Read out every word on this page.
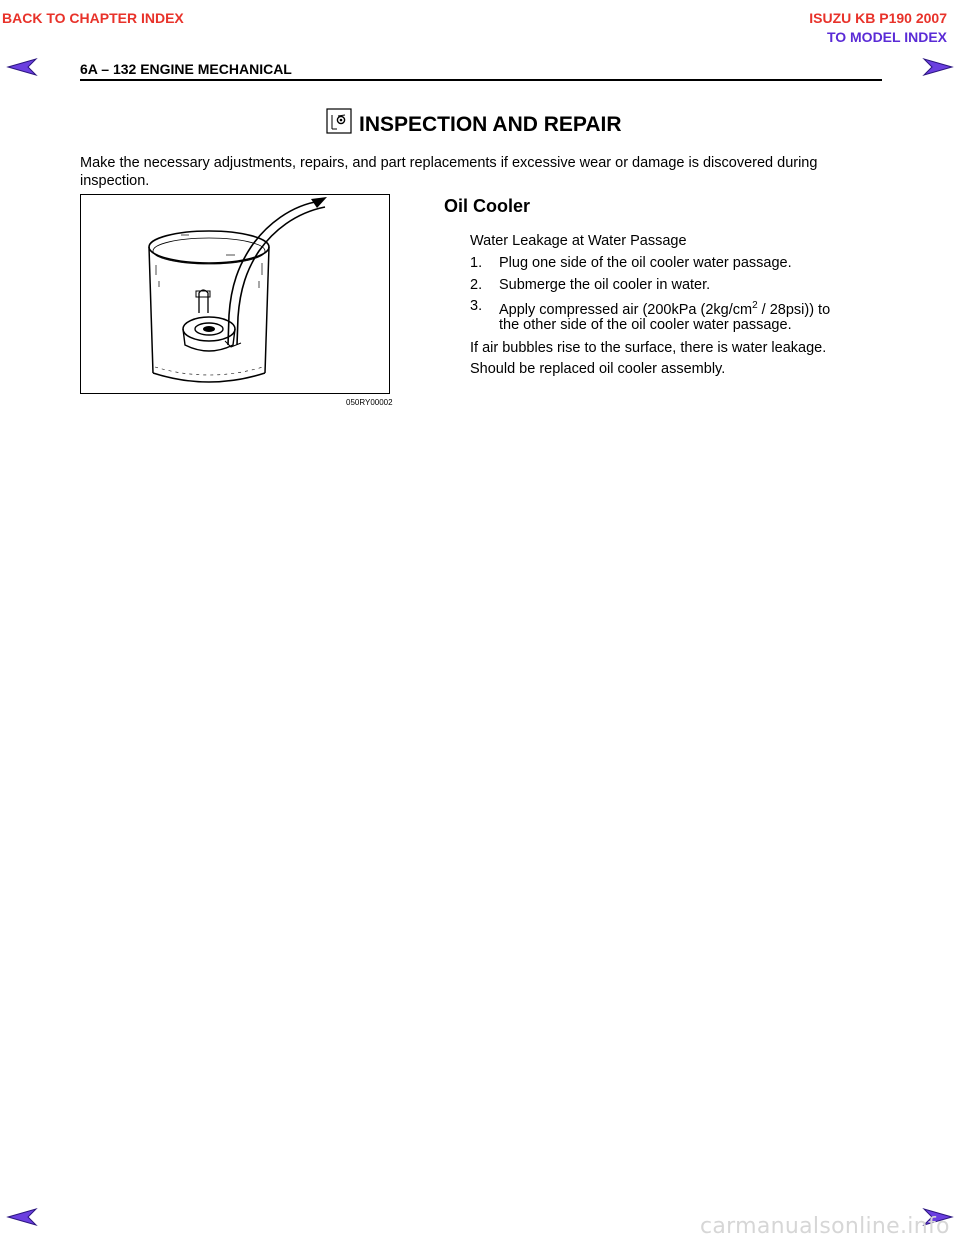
BACK TO CHAPTER INDEX	ISUZU KB P190 2007
TO MODEL INDEX
6A – 132 ENGINE MECHANICAL
INSPECTION AND REPAIR
Make the necessary adjustments, repairs, and part replacements if excessive wear or damage is discovered during
inspection.
050RY00002
Oil Cooler
Water Leakage at Water Passage
1. Plug one side of the oil cooler water passage.
2. Submerge the oil cooler in water.
3. Apply compressed air (200kPa $(2kg/cm^2 / 28psi)$) to
the other side of the oil cooler water passage.
If air bubbles rise to the surface, there is water leakage.
Should be replaced oil cooler assembly.
carmanualsonline.info
